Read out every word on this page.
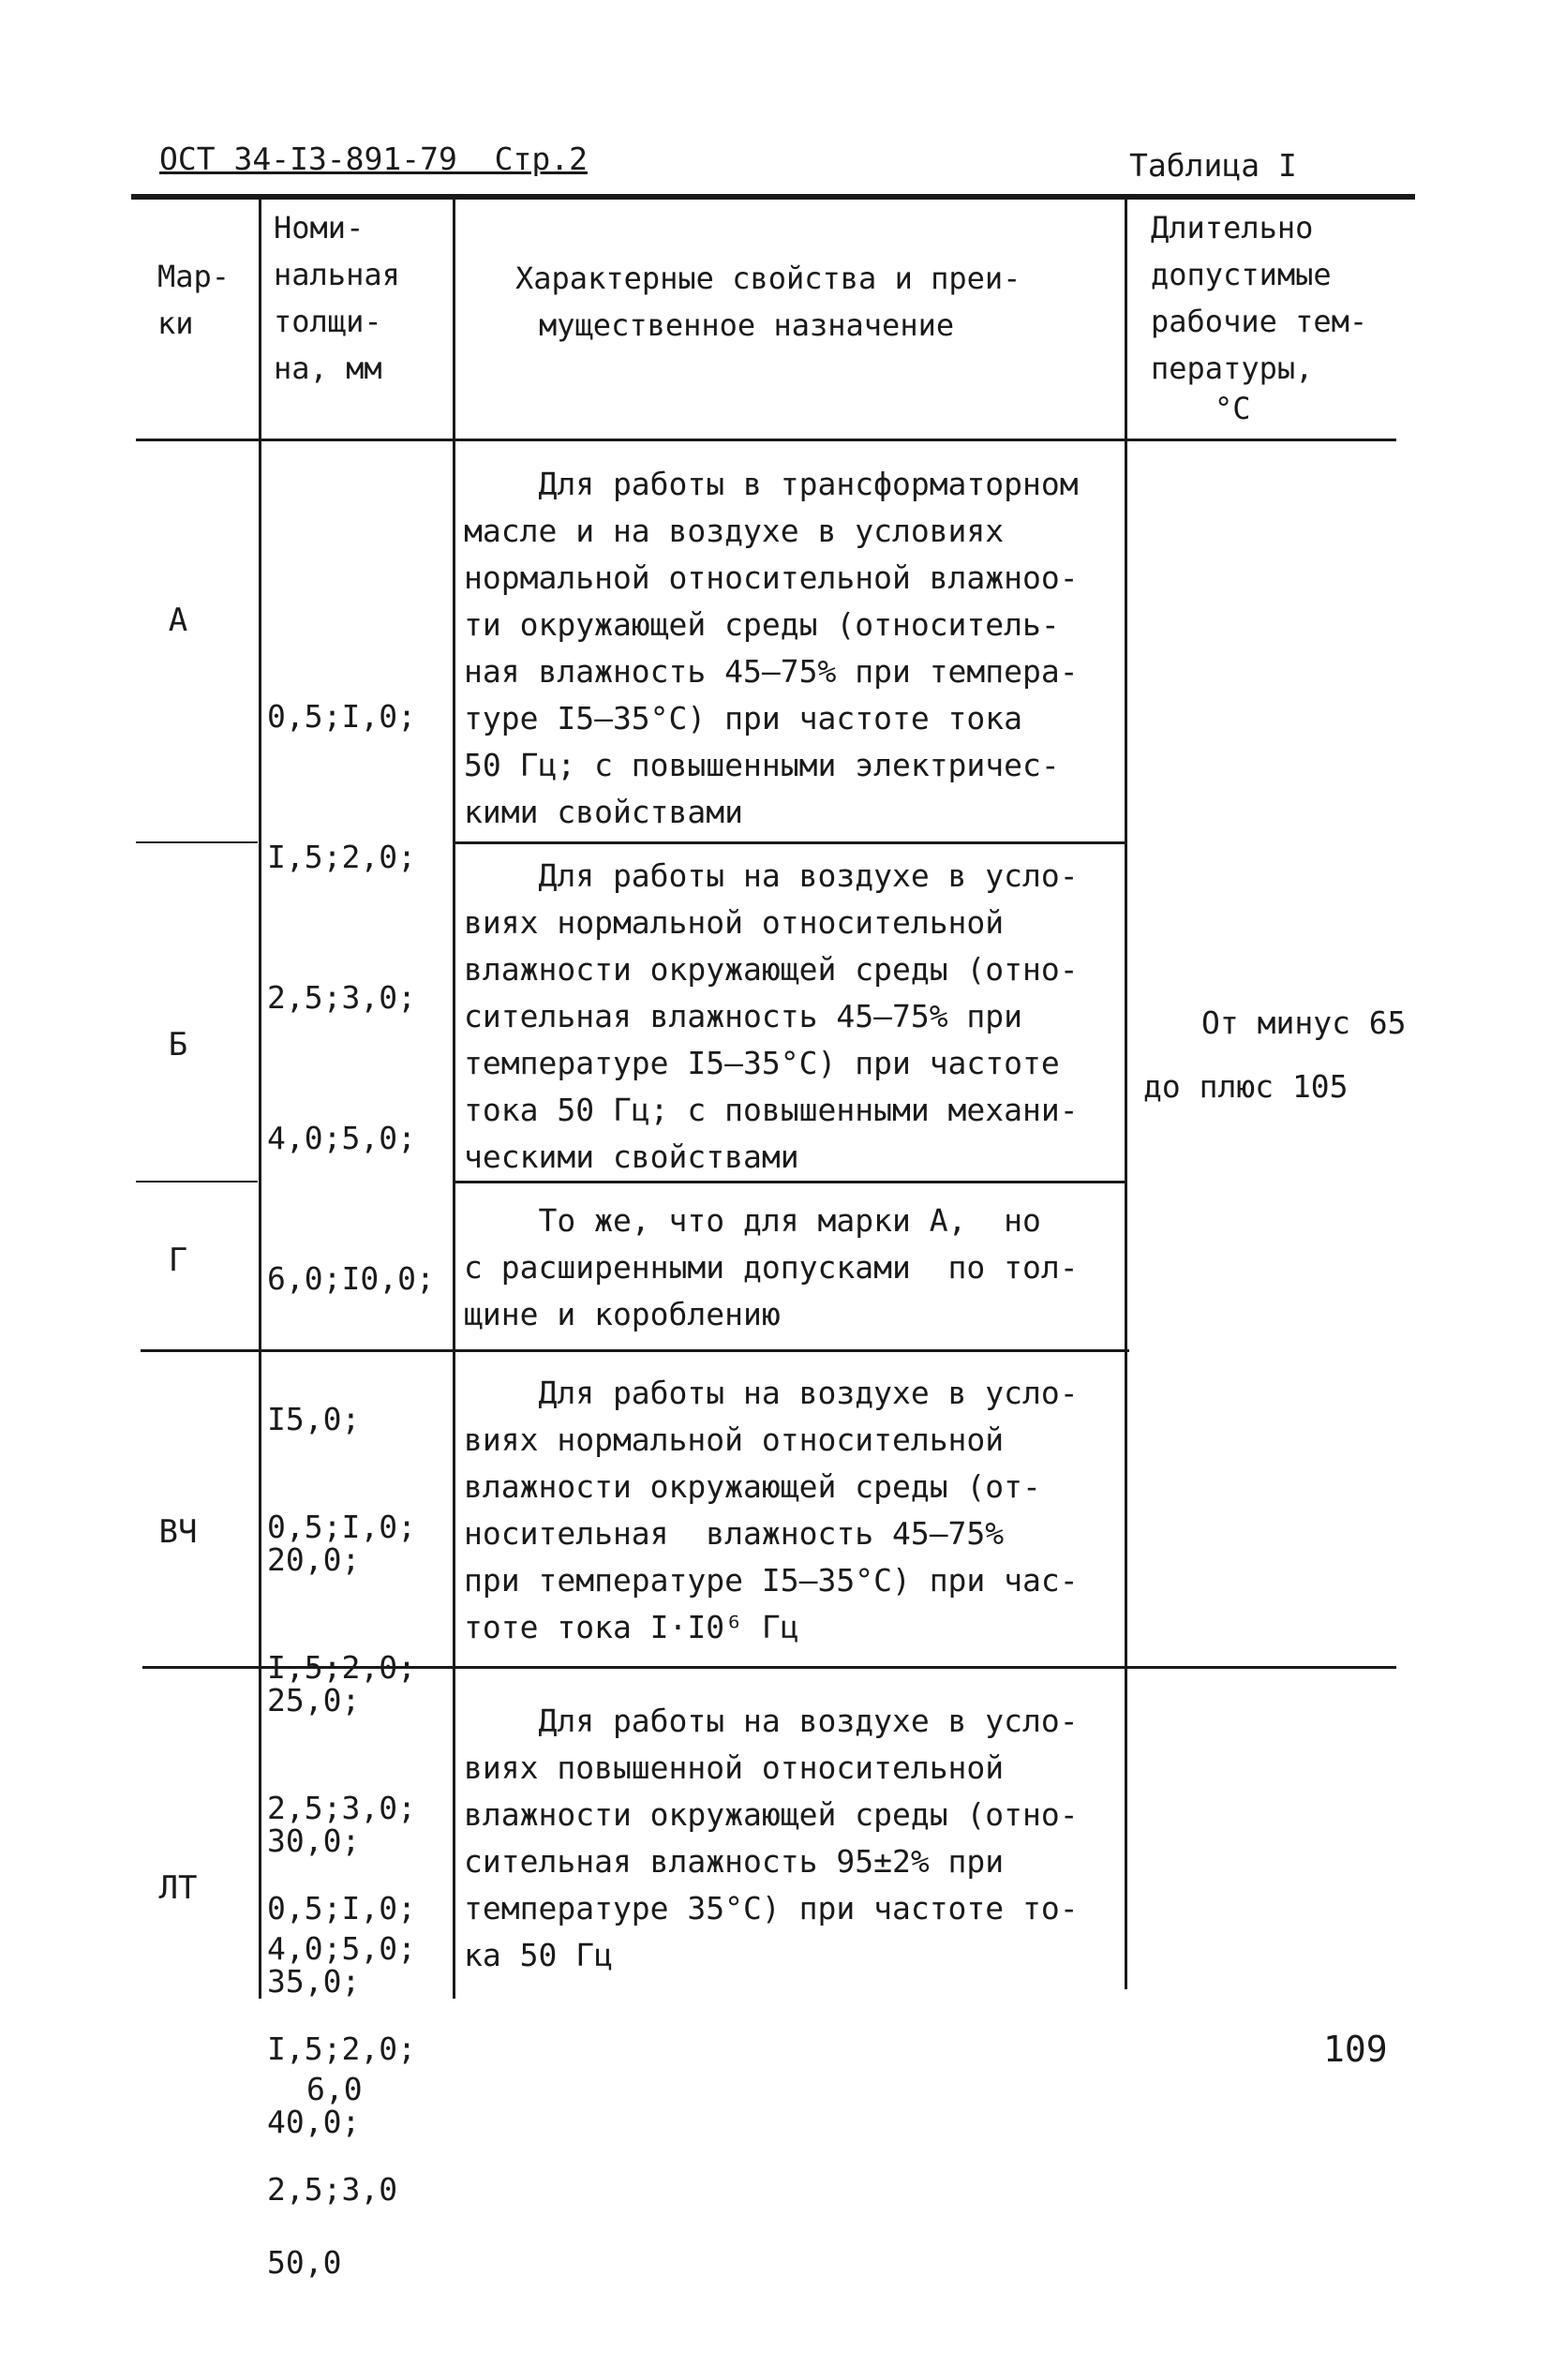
ОСТ 34-I3-891-79  Стр.2	Таблица I
Мар-
ки
Номи-
нальная
толщи-
на, мм
Характерные свойства и преи-
мущественное назначение
Длительно
допустимые
рабочие тем-
пературы,
°С
А
Б
Г
ВЧ
ЛТ

0,5;I,0;

I,5;2,0;

2,5;3,0;

4,0;5,0;

6,0;I0,0;

I5,0;

20,0;

25,0;

30,0;

35,0;

40,0;

50,0

0,5;I,0;

I,5;2,0;

2,5;3,0;

4,0;5,0;

6,0

0,5;I,0;

I,5;2,0;

2,5;3,0

Для работы в трансформаторном
масле и на воздухе в условиях
нормальной относительной влажноо-
ти окружающей среды (относитель-
ная влажность 45–75% при темпера-
туре I5–35°С) при частоте тока
50 Гц; с повышенными электричес-
кими свойствами
Для работы на воздухе в усло-
виях нормальной относительной
влажности окружающей среды (отно-
сительная влажность 45–75% при
температуре I5–35°С) при частоте
тока 50 Гц; с повышенными механи-
ческими свойствами
То же, что для марки А,  но
с расширенными допусками  по тол-
щине и короблению
Для работы на воздухе в усло-
виях нормальной относительной
влажности окружающей среды (от-
носительная  влажность 45–75%
при температуре I5–35°С) при час-
тоте тока I·I0⁶ Гц
Для работы на воздухе в усло-
виях повышенной относительной
влажности окружающей среды (отно-
сительная влажность 95±2% при
температуре 35°С) при частоте то-
ка 50 Гц
От минус 65
до плюс 105
109
